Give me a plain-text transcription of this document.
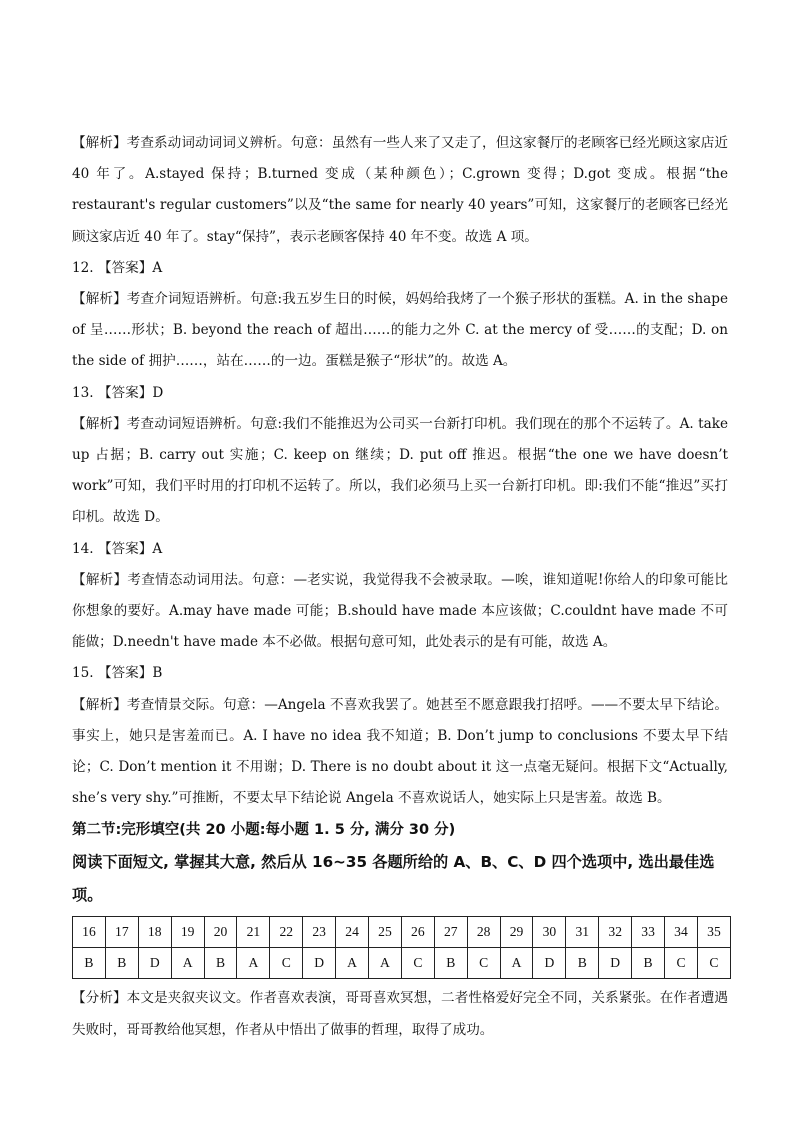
【解析】考查系动词动词词义辨析。句意：虽然有一些人来了又走了，但这家餐厅的老顾客已经光顾这家店近 40 年了。A.stayed 保持；B.turned 变成（某种颜色）；C.grown 变得；D.got 变成。根据“the restaurant's regular customers”以及“the same for nearly 40 years”可知，这家餐厅的老顾客已经光顾这家店近 40 年了。stay“保持”，表示老顾客保持 40 年不变。故选 A 项。

12. 【答案】A

【解析】考查介词短语辨析。句意:我五岁生日的时候，妈妈给我烤了一个猴子形状的蛋糕。A. in the shape of 呈……形状；B. beyond the reach of 超出……的能力之外 C. at the mercy of 受……的支配；D. on the side of 拥护……，站在……的一边。蛋糕是猴子“形状”的。故选 A。

13. 【答案】D

【解析】考查动词短语辨析。句意:我们不能推迟为公司买一台新打印机。我们现在的那个不运转了。A. take up 占据；B. carry out 实施；C. keep on 继续；D. put off 推迟。根据“the one we have doesn’t work”可知，我们平时用的打印机不运转了。所以，我们必须马上买一台新打印机。即:我们不能“推迟”买打印机。故选 D。

14. 【答案】A

【解析】考查情态动词用法。句意：—老实说，我觉得我不会被录取。—唉，谁知道呢!你给人的印象可能比你想象的要好。A.may have made 可能；B.should have made 本应该做；C.couldnt have made 不可能做；D.needn't have made 本不必做。根据句意可知，此处表示的是有可能，故选 A。

15. 【答案】B

【解析】考查情景交际。句意：—Angela 不喜欢我罢了。她甚至不愿意跟我打招呼。——不要太早下结论。事实上，她只是害羞而已。A. I have no idea 我不知道；B. Don’t jump to conclusions 不要太早下结论；C. Don’t mention it 不用谢；D. There is no doubt about it 这一点毫无疑问。根据下文“Actually, she’s very shy.”可推断，不要太早下结论说 Angela 不喜欢说话人，她实际上只是害羞。故选 B。

第二节:完形填空(共 20 小题:每小题 1. 5 分, 满分 30 分)

阅读下面短文, 掌握其大意, 然后从 16~35 各题所给的 A、B、C、D 四个选项中, 选出最佳选项。

16	17	18	19	20	21	22	23	24	25	26	27	28	29	30	31	32	33	34	35
B	B	D	A	B	A	C	D	A	A	C	B	C	A	D	B	D	B	C	C

【分析】本文是夹叙夹议文。作者喜欢表演，哥哥喜欢冥想，二者性格爱好完全不同，关系紧张。在作者遭遇失败时，哥哥教给他冥想，作者从中悟出了做事的哲理，取得了成功。
